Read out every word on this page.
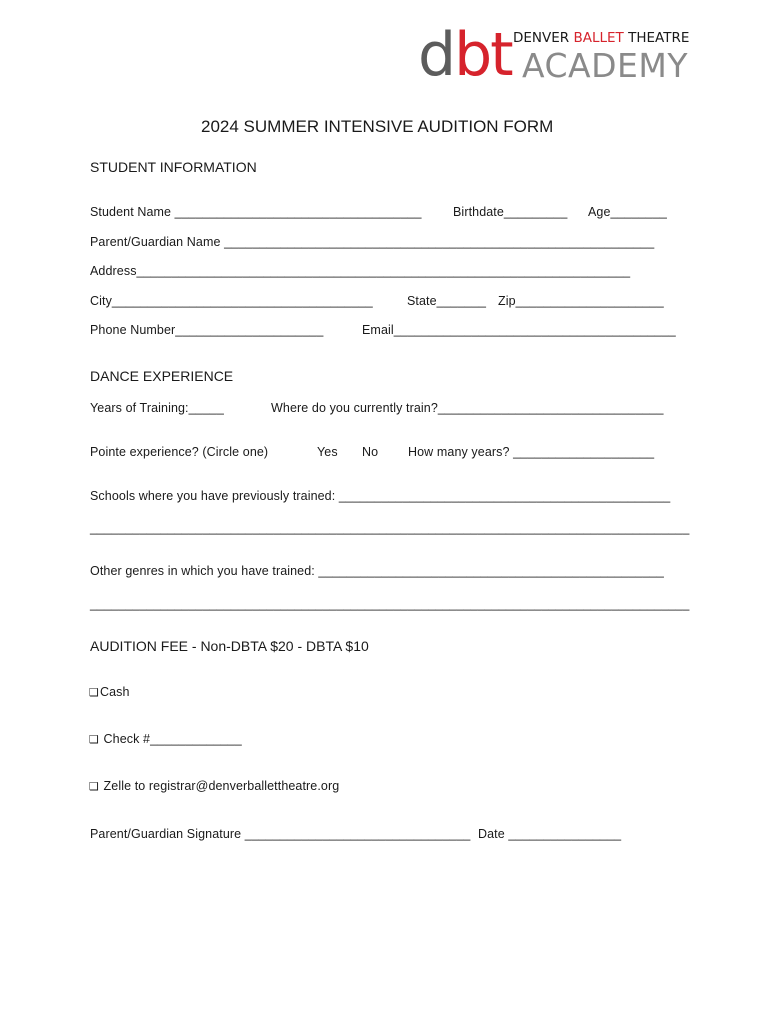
dbt DENVER BALLET THEATRE
ACADEMY
2024 SUMMER INTENSIVE AUDITION FORM
STUDENT INFORMATION
Student Name ___________________________________	Birthdate_________ Age________
Parent/Guardian Name _____________________________________________________________
Address______________________________________________________________________
City_____________________________________	State_______ Zip_____________________
Phone Number_____________________	Email________________________________________
DANCE EXPERIENCE
Years of Training:_____	Where do you currently train?________________________________
Pointe experience? (Circle one)	Yes No How many years? ____________________
Schools where you have previously trained: _______________________________________________
_____________________________________________________________________________________
Other genres in which you have trained: _________________________________________________
_____________________________________________________________________________________
AUDITION FEE - Non-DBTA $20 - DBTA $10
❑Cash
❑ Check #_____________
❑ Zelle to registrar@denverballettheatre.org
Parent/Guardian Signature ________________________________ Date ________________
